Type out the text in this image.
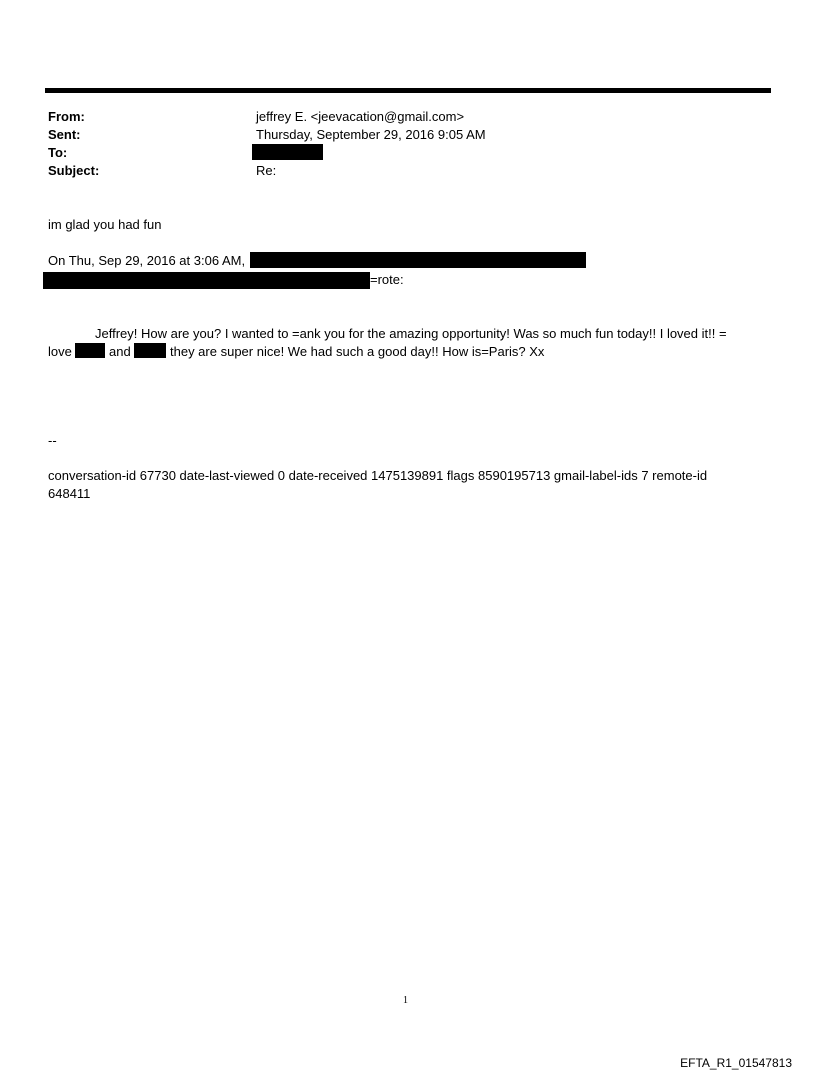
From:	jeffrey E. <jeevacation@gmail.com>
Sent:	Thursday, September 29, 2016 9:05 AM
To:
Subject:	Re:
im glad you had fun
On Thu, Sep 29, 2016 at 3:06 AM,
=rote:
Jeffrey! How are you? I wanted to =ank you for the amazing opportunity! Was so much fun today!! I loved it!! =
love	and	they are super nice! We had such a good day!! How is=Paris? Xx
--
conversation-id 67730 date-last-viewed 0 date-received 1475139891 flags 8590195713 gmail-label-ids 7 remote-id
648411
1
EFTA_R1_01547813
